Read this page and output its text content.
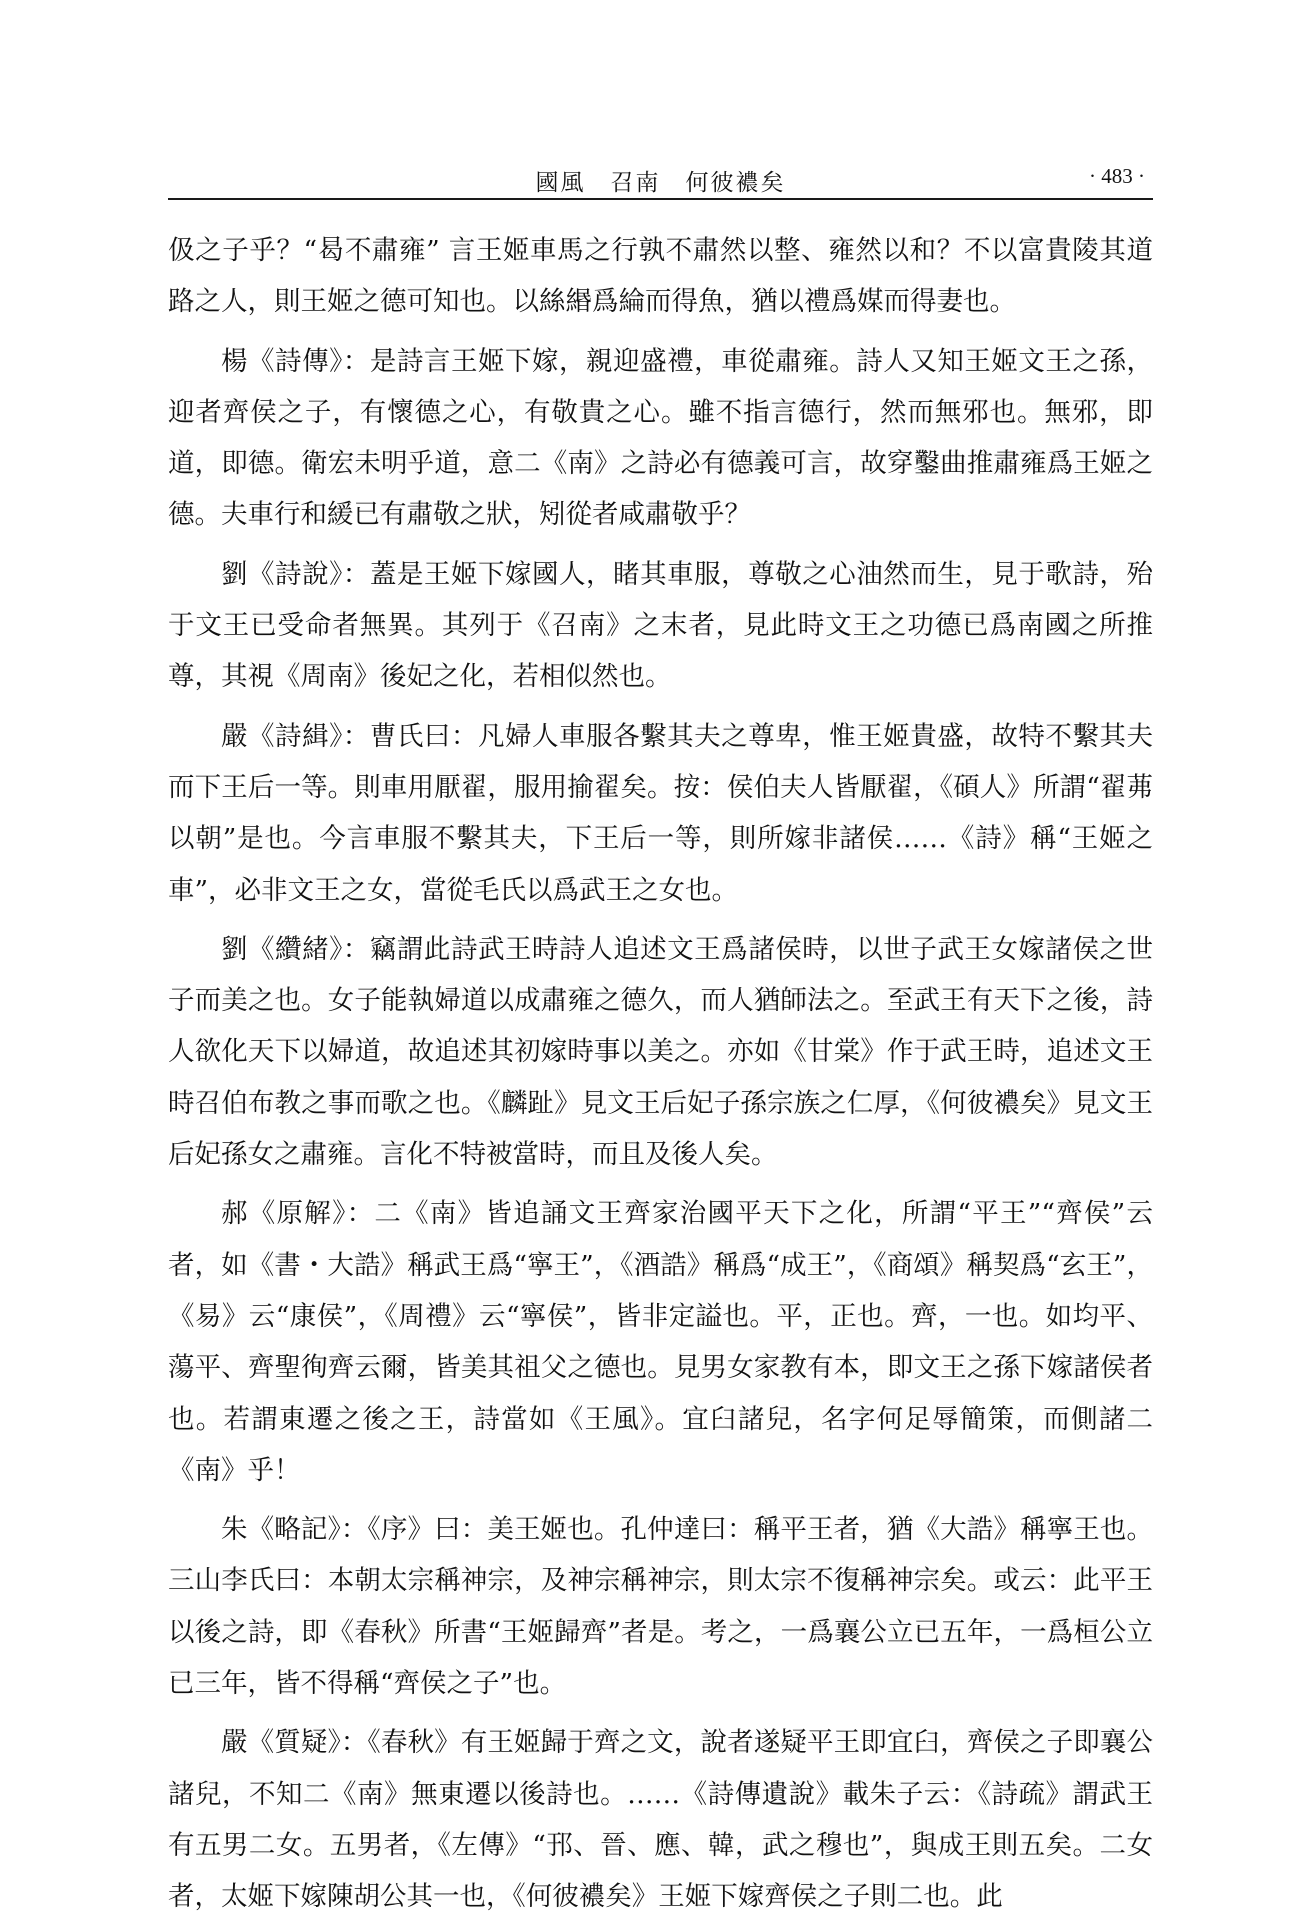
國風　召南　何彼襛矣	· 483 ·

伋之子乎？“曷不肅雍” 言王姬車馬之行孰不肅然以整、雍然以和？不以富貴陵其道路之人，則王姬之德可知也。以絲緡爲綸而得魚，猶以禮爲媒而得妻也。

楊《詩傳》：是詩言王姬下嫁，親迎盛禮，車從肅雍。詩人又知王姬文王之孫，迎者齊侯之子，有懷德之心，有敬貴之心。雖不指言德行，然而無邪也。無邪，即道，即德。衛宏未明乎道，意二《南》之詩必有德義可言，故穿鑿曲推肅雍爲王姬之德。夫車行和緩已有肅敬之狀，矧從者咸肅敬乎？

劉《詩說》：蓋是王姬下嫁國人，睹其車服，尊敬之心油然而生，見于歌詩，殆于文王已受命者無異。其列于《召南》之末者，見此時文王之功德已爲南國之所推尊，其視《周南》後妃之化，若相似然也。

嚴《詩緝》：曹氏曰：凡婦人車服各繫其夫之尊卑，惟王姬貴盛，故特不繫其夫而下王后一等。則車用厭翟，服用揄翟矣。按：侯伯夫人皆厭翟，《碩人》所謂“翟茀以朝”是也。今言車服不繫其夫，下王后一等，則所嫁非諸侯……《詩》稱“王姬之車”，必非文王之女，當從毛氏以爲武王之女也。

劉《纘緒》：竊謂此詩武王時詩人追述文王爲諸侯時，以世子武王女嫁諸侯之世子而美之也。女子能執婦道以成肅雍之德久，而人猶師法之。至武王有天下之後，詩人欲化天下以婦道，故追述其初嫁時事以美之。亦如《甘棠》作于武王時，追述文王時召伯布教之事而歌之也。《麟趾》見文王后妃子孫宗族之仁厚，《何彼襛矣》見文王后妃孫女之肅雍。言化不特被當時，而且及後人矣。

郝《原解》：二《南》皆追誦文王齊家治國平天下之化，所謂“平王”“齊侯”云者，如《書・大誥》稱武王爲“寧王”，《酒誥》稱爲“成王”，《商頌》稱契爲“玄王”，《易》云“康侯”，《周禮》云“寧侯”，皆非定謚也。平，正也。齊，一也。如均平、蕩平、齊聖徇齊云爾，皆美其祖父之德也。見男女家教有本，即文王之孫下嫁諸侯者也。若謂東遷之後之王，詩當如《王風》。宜臼諸兒，名字何足辱簡策，而側諸二《南》乎！

朱《略記》：《序》曰：美王姬也。孔仲達曰：稱平王者，猶《大誥》稱寧王也。三山李氏曰：本朝太宗稱神宗，及神宗稱神宗，則太宗不復稱神宗矣。或云：此平王以後之詩，即《春秋》所書“王姬歸齊”者是。考之，一爲襄公立已五年，一爲桓公立已三年，皆不得稱“齊侯之子”也。

嚴《質疑》：《春秋》有王姬歸于齊之文，說者遂疑平王即宜臼，齊侯之子即襄公諸兒，不知二《南》無東遷以後詩也。……《詩傳遺說》載朱子云：《詩疏》謂武王有五男二女。五男者，《左傳》“邘、晉、應、韓，武之穆也”，與成王則五矣。二女者，太姬下嫁陳胡公其一也，《何彼襛矣》王姬下嫁齊侯之子則二也。此
